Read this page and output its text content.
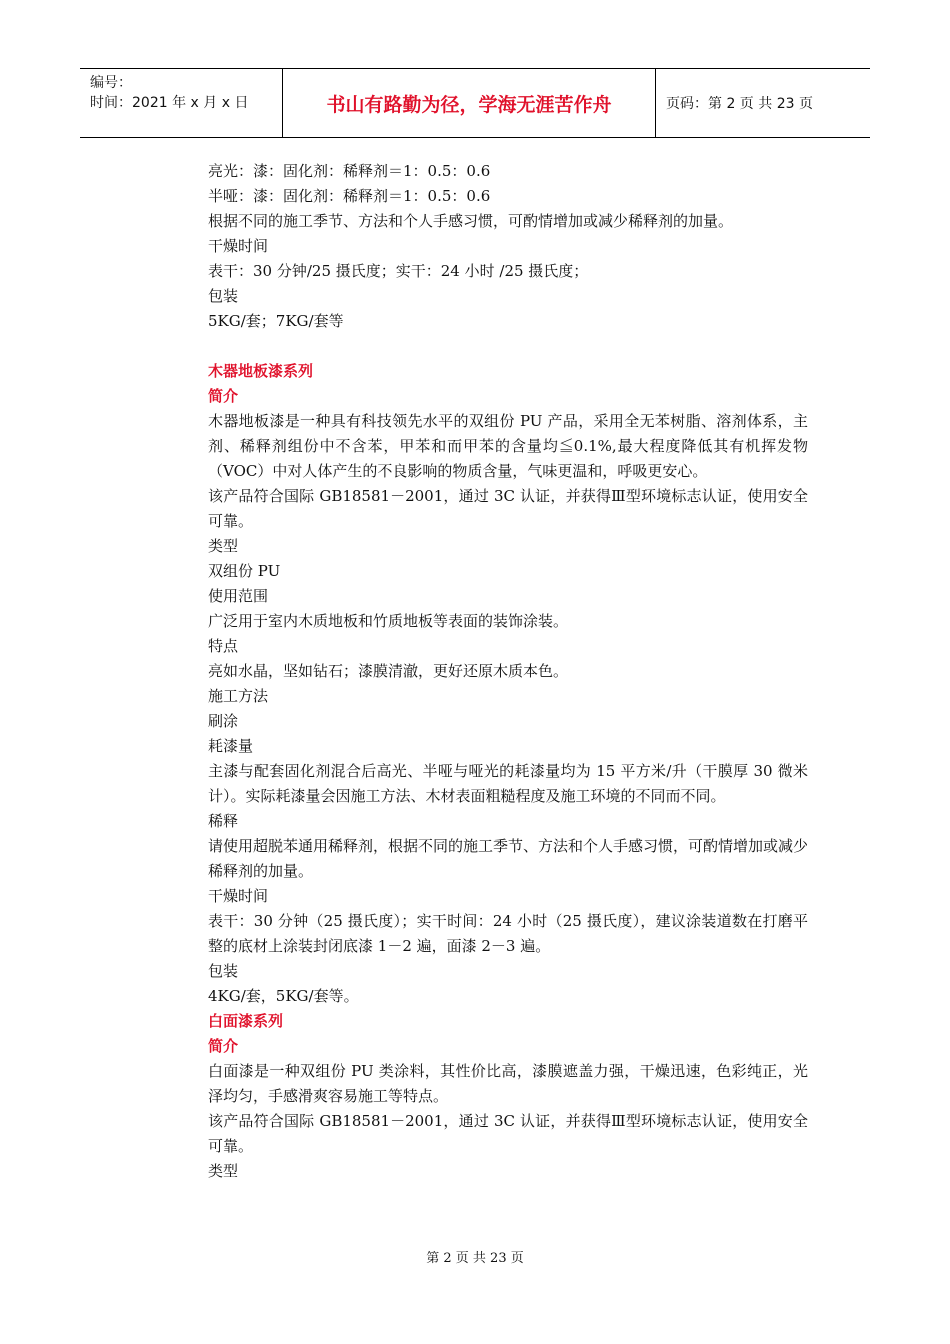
编号：
时间：2021 年 x 月 x 日	书山有路勤为径，学海无涯苦作舟	页码：第 2 页 共 23 页
亮光：漆：固化剂：稀释剂＝1：0.5：0.6
半哑：漆：固化剂：稀释剂＝1：0.5：0.6
根据不同的施工季节、方法和个人手感习惯，可酌情增加或减少稀释剂的加量。
干燥时间
表干：30 分钟/25 摄氏度；实干：24 小时 /25 摄氏度；
包装
5KG/套；7KG/套等
木器地板漆系列
简介
木器地板漆是一种具有科技领先水平的双组份 PU 产品，采用全无苯树脂、溶剂体系，主剂、稀释剂组份中不含苯，甲苯和而甲苯的含量均≦0.1%,最大程度降低其有机挥发物（VOC）中对人体产生的不良影响的物质含量，气味更温和，呼吸更安心。
该产品符合国际 GB18581－2001，通过 3C 认证，并获得Ⅲ型环境标志认证，使用安全可靠。
类型
双组份 PU
使用范围
广泛用于室内木质地板和竹质地板等表面的装饰涂装。
特点
亮如水晶，坚如钻石；漆膜清澈，更好还原木质本色。
施工方法
刷涂
耗漆量
主漆与配套固化剂混合后高光、半哑与哑光的耗漆量均为 15 平方米/升（干膜厚 30 微米计）。实际耗漆量会因施工方法、木材表面粗糙程度及施工环境的不同而不同。
稀释
请使用超脱苯通用稀释剂，根据不同的施工季节、方法和个人手感习惯，可酌情增加或减少稀释剂的加量。
干燥时间
表干：30 分钟（25 摄氏度）；实干时间：24 小时（25 摄氏度），建议涂装道数在打磨平整的底材上涂装封闭底漆 1－2 遍，面漆 2－3 遍。
包装
4KG/套，5KG/套等。
白面漆系列
简介
白面漆是一种双组份 PU 类涂料，其性价比高，漆膜遮盖力强，干燥迅速，色彩纯正，光泽均匀，手感滑爽容易施工等特点。
该产品符合国际 GB18581－2001，通过 3C 认证，并获得Ⅲ型环境标志认证，使用安全可靠。
类型
第 2 页 共 23 页
